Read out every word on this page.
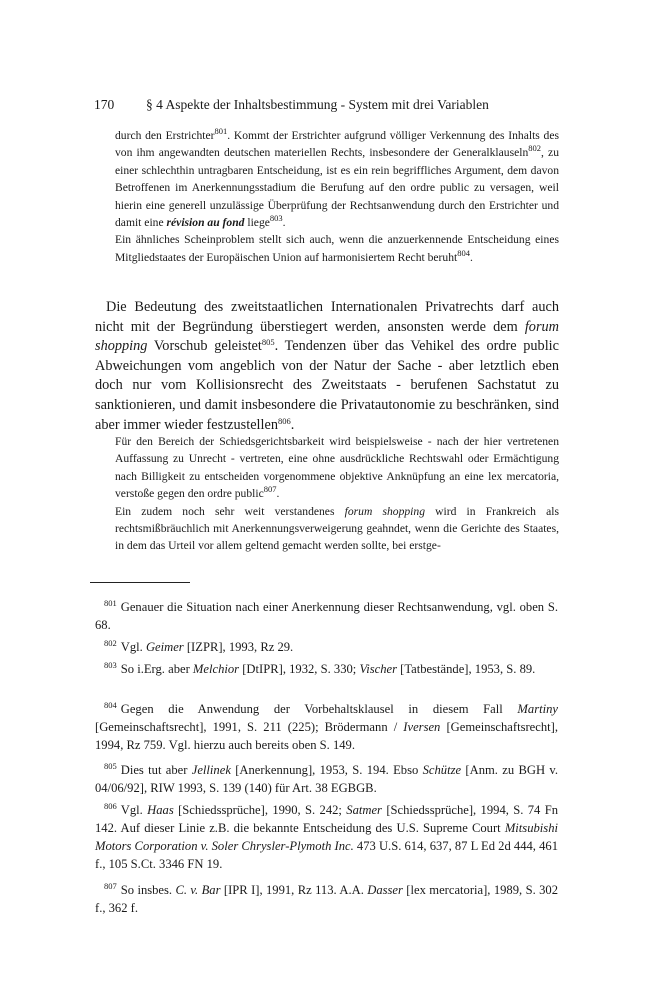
170 § 4 Aspekte der Inhaltsbestimmung - System mit drei Variablen

durch den Erstrichter$^{801}$. Kommt der Erstrichter aufgrund völliger Verkennung des Inhalts des von ihm angewandten deutschen materiellen Rechts, insbesondere der Generalklauseln$^{802}$, zu einer schlechthin untragbaren Entscheidung, ist es ein rein begriffliches Argument, dem davon Betroffenen im Anerkennungsstadium die Berufung auf den ordre public zu versagen, weil hierin eine generell unzulässige Überprüfung der Rechtsanwendung durch den Erstrichter und damit eine révision au fond liege$^{803}$.

Ein ähnliches Scheinproblem stellt sich auch, wenn die anzuerkennende Entscheidung eines Mitgliedstaates der Europäischen Union auf harmonisiertem Recht beruht$^{804}$.

Die Bedeutung des zweitstaatlichen Internationalen Privatrechts darf auch nicht mit der Begründung überstiegert werden, ansonsten werde dem forum shopping Vorschub geleistet$^{805}$. Tendenzen über das Vehikel des ordre public Abweichungen vom angeblich von der Natur der Sache - aber letztlich eben doch nur vom Kollisionsrecht des Zweitstaats - berufenen Sachstatut zu sanktionieren, und damit insbesondere die Privatautonomie zu beschränken, sind aber immer wieder festzustellen$^{806}$.

Für den Bereich der Schiedsgerichtsbarkeit wird beispielsweise - nach der hier vertretenen Auffassung zu Unrecht - vertreten, eine ohne ausdrückliche Rechtswahl oder Ermächtigung nach Billigkeit zu entscheiden vorgenommene objektive Anknüpfung an eine lex mercatoria, verstoße gegen den ordre public$^{807}$.

Ein zudem noch sehr weit verstandenes forum shopping wird in Frankreich als rechtsmißbräuchlich mit Anerkennungsverweigerung geahndet, wenn die Gerichte des Staates, in dem das Urteil vor allem geltend gemacht werden sollte, bei erstge-

$^{801}$ Genauer die Situation nach einer Anerkennung dieser Rechtsanwendung, vgl. oben S. 68.
$^{802}$ Vgl. Geimer [IZPR], 1993, Rz 29.
$^{803}$ So i.Erg. aber Melchior [DtIPR], 1932, S. 330; Vischer [Tatbestände], 1953, S. 89.
$^{804}$ Gegen die Anwendung der Vorbehaltsklausel in diesem Fall Martiny [Gemeinschaftsrecht], 1991, S. 211 (225); Brödermann / Iversen [Gemeinschaftsrecht], 1994, Rz 759. Vgl. hierzu auch bereits oben S. 149.
$^{805}$ Dies tut aber Jellinek [Anerkennung], 1953, S. 194. Ebso Schütze [Anm. zu BGH v. 04/06/92], RIW 1993, S. 139 (140) für Art. 38 EGBGB.
$^{806}$ Vgl. Haas [Schiedssprüche], 1990, S. 242; Satmer [Schiedssprüche], 1994, S. 74 Fn 142. Auf dieser Linie z.B. die bekannte Entscheidung des U.S. Supreme Court Mitsubishi Motors Corporation v. Soler Chrysler-Plymoth Inc. 473 U.S. 614, 637, 87 L Ed 2d 444, 461 f., 105 S.Ct. 3346 FN 19.
$^{807}$ So insbes. C. v. Bar [IPR I], 1991, Rz 113. A.A. Dasser [lex mercatoria], 1989, S. 302 f., 362 f.
